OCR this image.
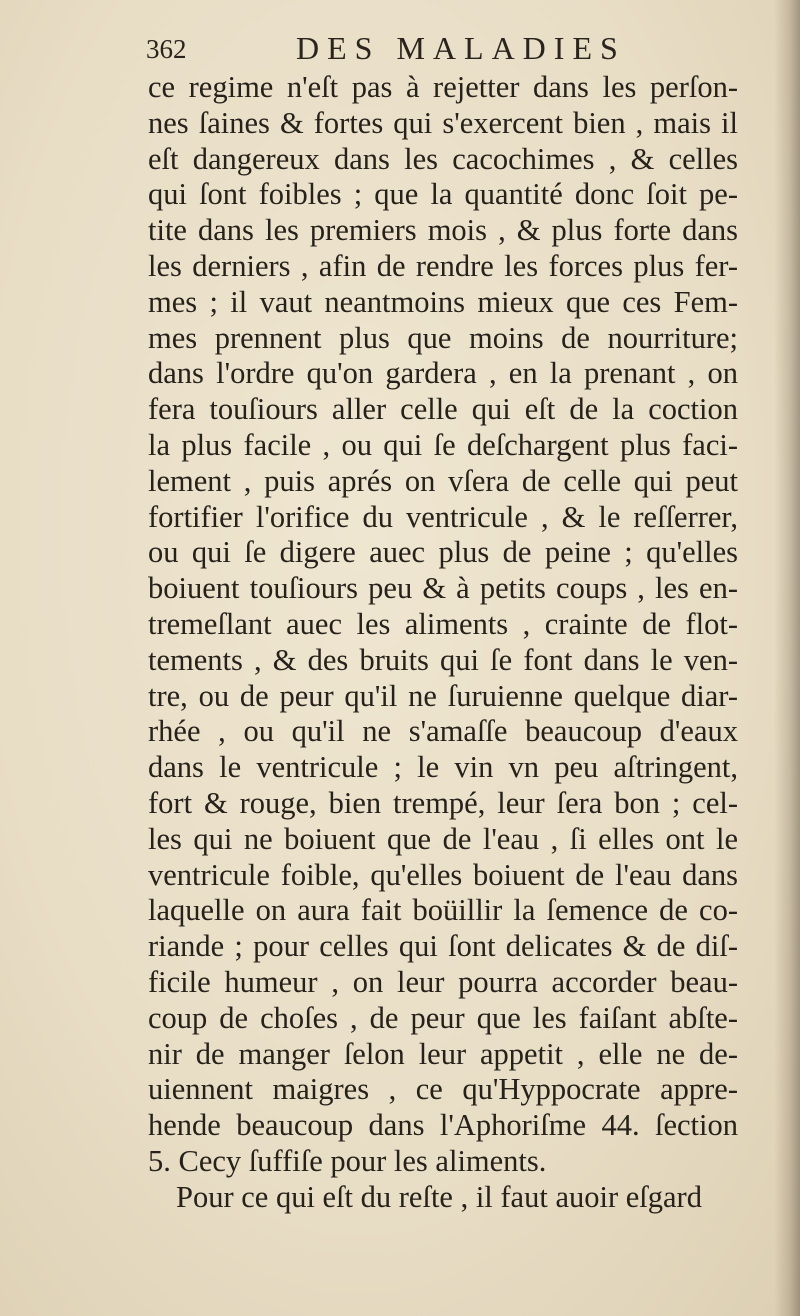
362	DES MALADIES
ce regime n'eſt pas à rejetter dans les perſon-
nes ſaines & fortes qui s'exercent bien , mais il
eſt dangereux dans les cacochimes , & celles
qui ſont foibles ; que la quantité donc ſoit pe-
tite dans les premiers mois , & plus forte dans
les derniers , afin de rendre les forces plus fer-
mes ; il vaut neantmoins mieux que ces Fem-
mes prennent plus que moins de nourriture;
dans l'ordre qu'on gardera , en la prenant , on
fera touſiours aller celle qui eſt de la coction
la plus facile , ou qui ſe deſchargent plus faci-
lement , puis aprés on vſera de celle qui peut
fortifier l'orifice du ventricule , & le reſſerrer,
ou qui ſe digere auec plus de peine ; qu'elles
boiuent touſiours peu & à petits coups , les en-
tremeſlant auec les aliments , crainte de flot-
tements , & des bruits qui ſe font dans le ven-
tre, ou de peur qu'il ne ſuruienne quelque diar-
rhée , ou qu'il ne s'amaſſe beaucoup d'eaux
dans le ventricule ; le vin vn peu aſtringent,
fort & rouge, bien trempé, leur ſera bon ; cel-
les qui ne boiuent que de l'eau , ſi elles ont le
ventricule foible, qu'elles boiuent de l'eau dans
laquelle on aura fait boüillir la ſemence de co-
riande ; pour celles qui ſont delicates & de diſ-
ficile humeur , on leur pourra accorder beau-
coup de choſes , de peur que les faiſant abſte-
nir de manger ſelon leur appetit , elle ne de-
uiennent maigres , ce qu'Hyppocrate appre-
hende beaucoup dans l'Aphoriſme 44. ſection
5. Cecy ſuffiſe pour les aliments.
Pour ce qui eſt du reſte , il faut auoir eſgard
